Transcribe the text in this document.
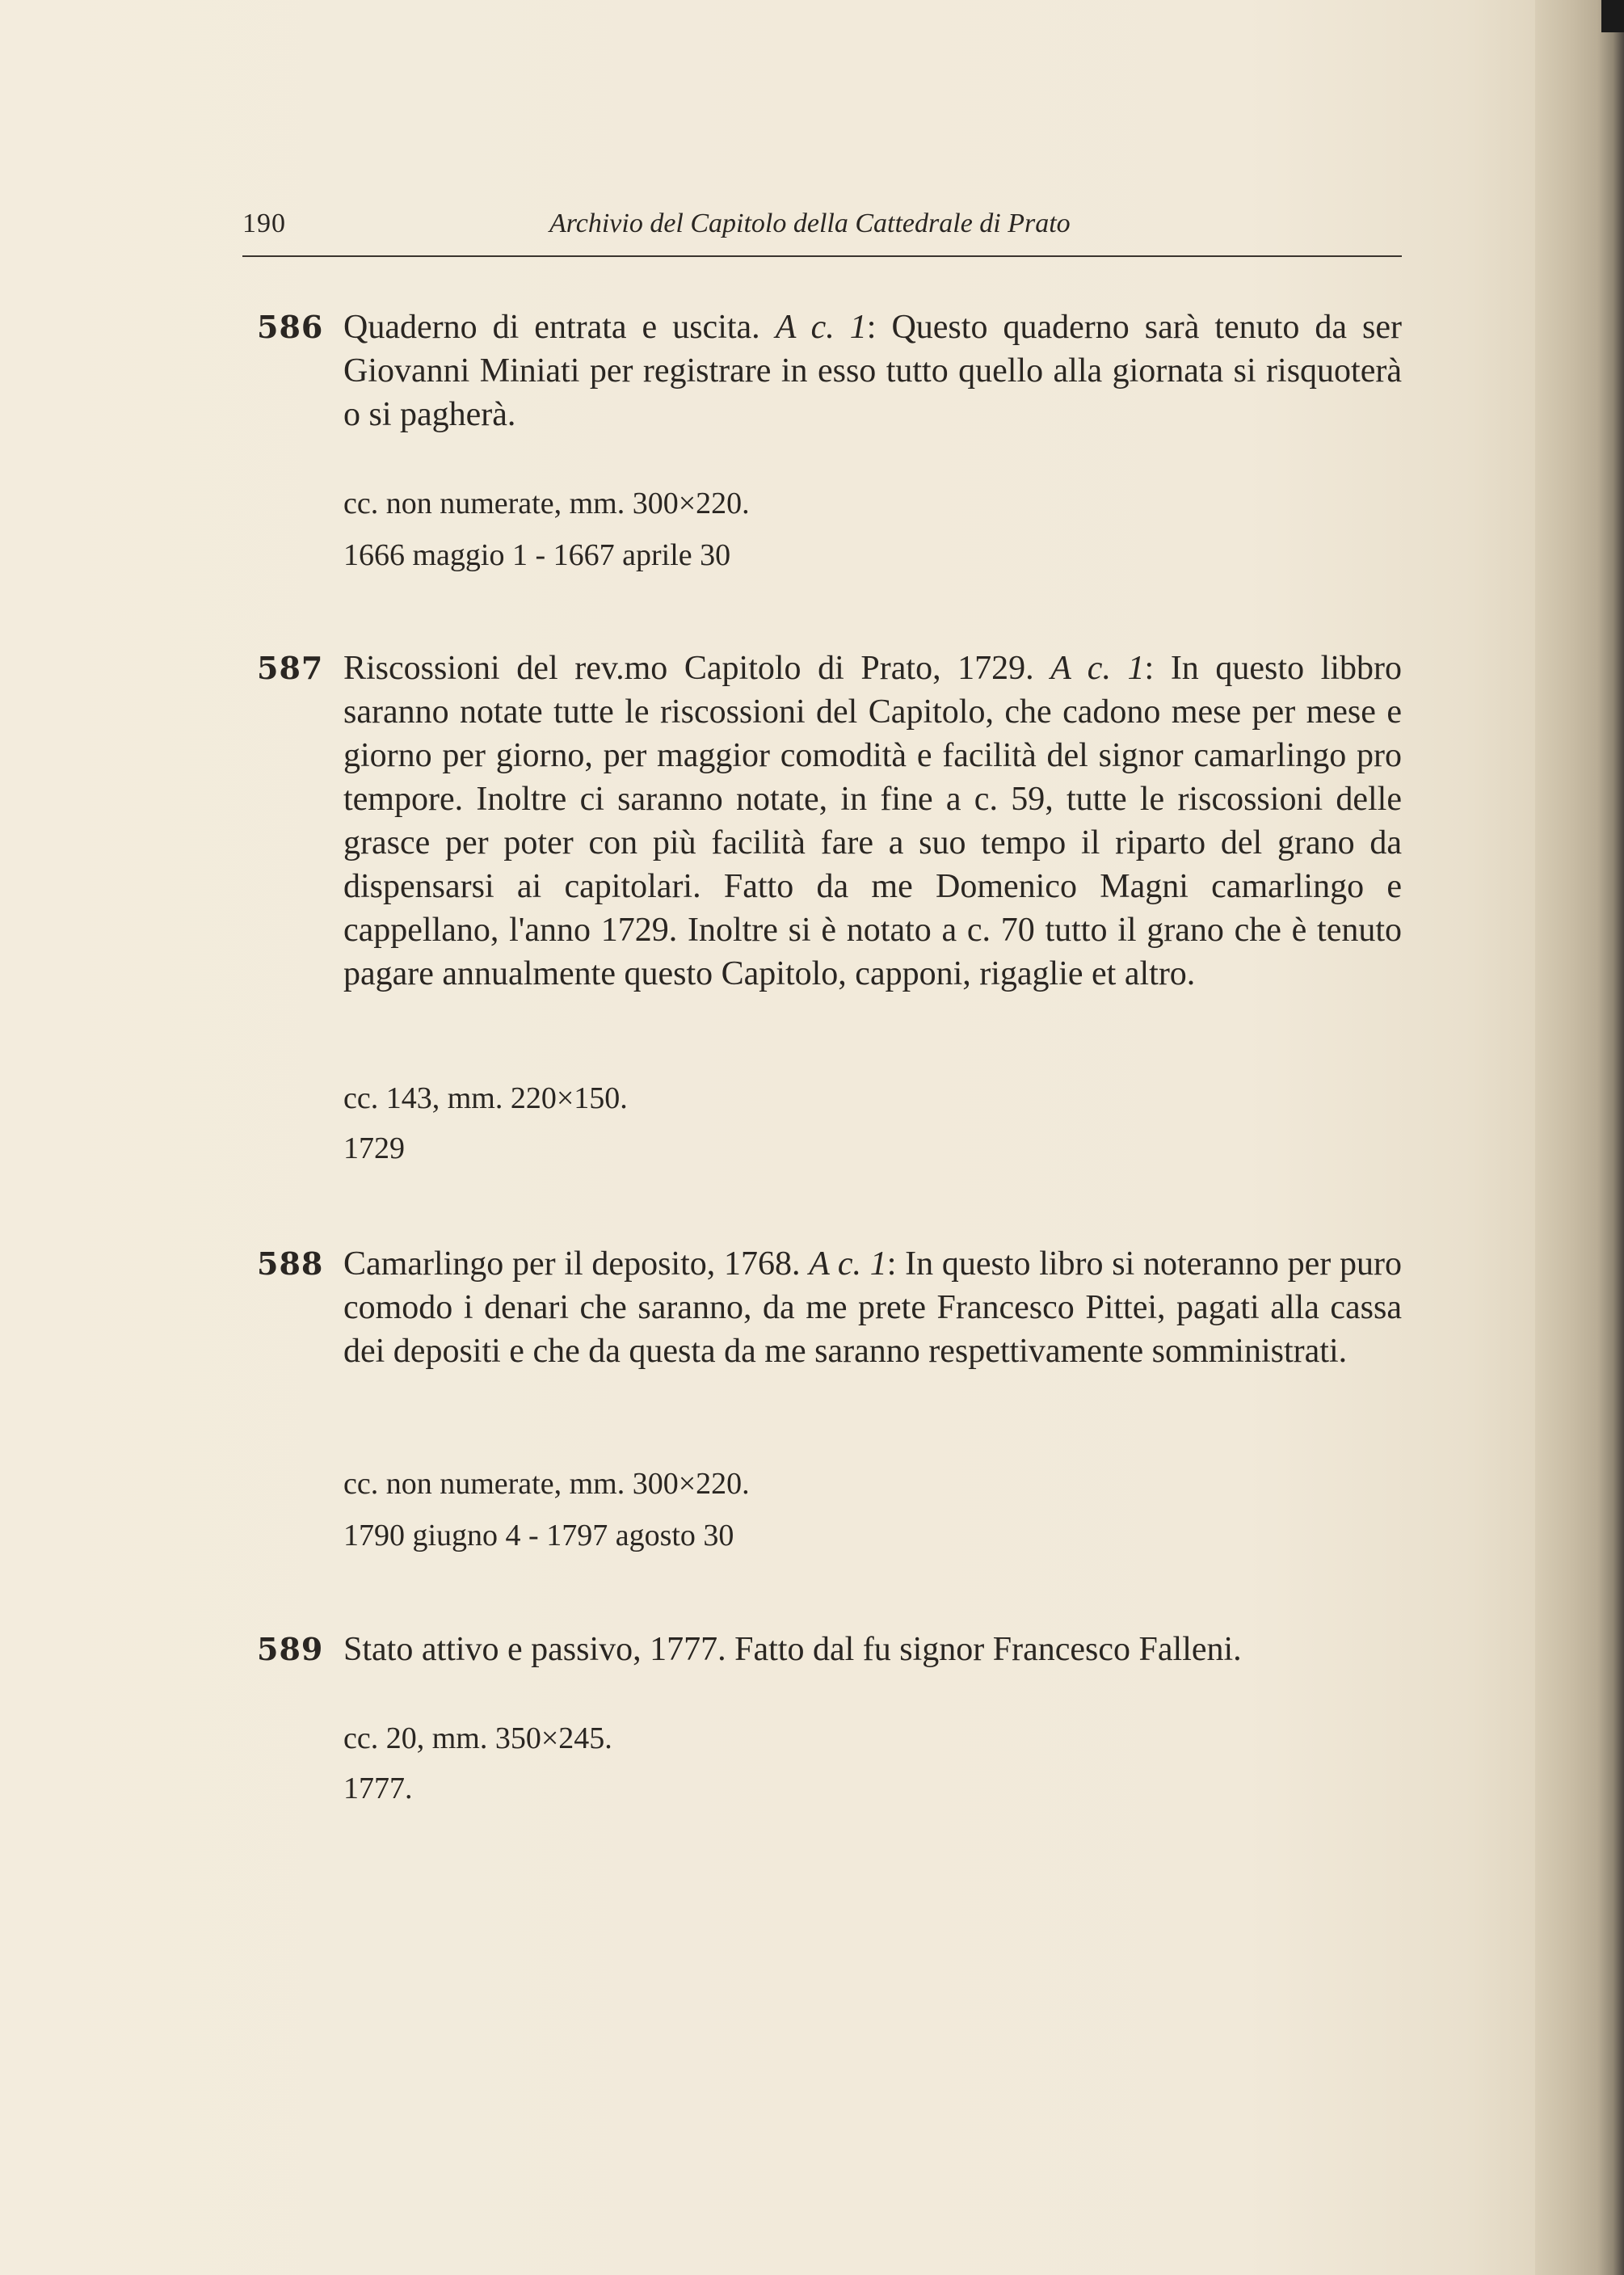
190	Archivio del Capitolo della Cattedrale di Prato
586 Quaderno di entrata e uscita. A c. 1: Questo quaderno sarà tenuto da ser Giovanni Miniati per registrare in esso tutto quello alla giornata si risquoterà o si pagherà.
cc. non numerate, mm. 300×220.
1666 maggio 1 - 1667 aprile 30
587 Riscossioni del rev.mo Capitolo di Prato, 1729. A c. 1: In questo libbro saranno notate tutte le riscossioni del Capitolo, che cadono mese per mese e giorno per giorno, per maggior comodità e facilità del signor camarlingo pro tempore. Inoltre ci saranno notate, in fine a c. 59, tutte le riscossioni delle grasce per poter con più facilità fare a suo tempo il riparto del grano da dispensarsi ai capitolari. Fatto da me Domenico Magni camarlingo e cappellano, l'anno 1729. Inoltre si è notato a c. 70 tutto il grano che è tenuto pagare annualmente questo Capitolo, capponi, rigaglie et altro.
cc. 143, mm. 220×150.
1729
588 Camarlingo per il deposito, 1768. A c. 1: In questo libro si noteranno per puro comodo i denari che saranno, da me prete Francesco Pittei, pagati alla cassa dei depositi e che da questa da me saranno respettivamente somministrati.
cc. non numerate, mm. 300×220.
1790 giugno 4 - 1797 agosto 30
589 Stato attivo e passivo, 1777. Fatto dal fu signor Francesco Falleni.
cc. 20, mm. 350×245.
1777.
